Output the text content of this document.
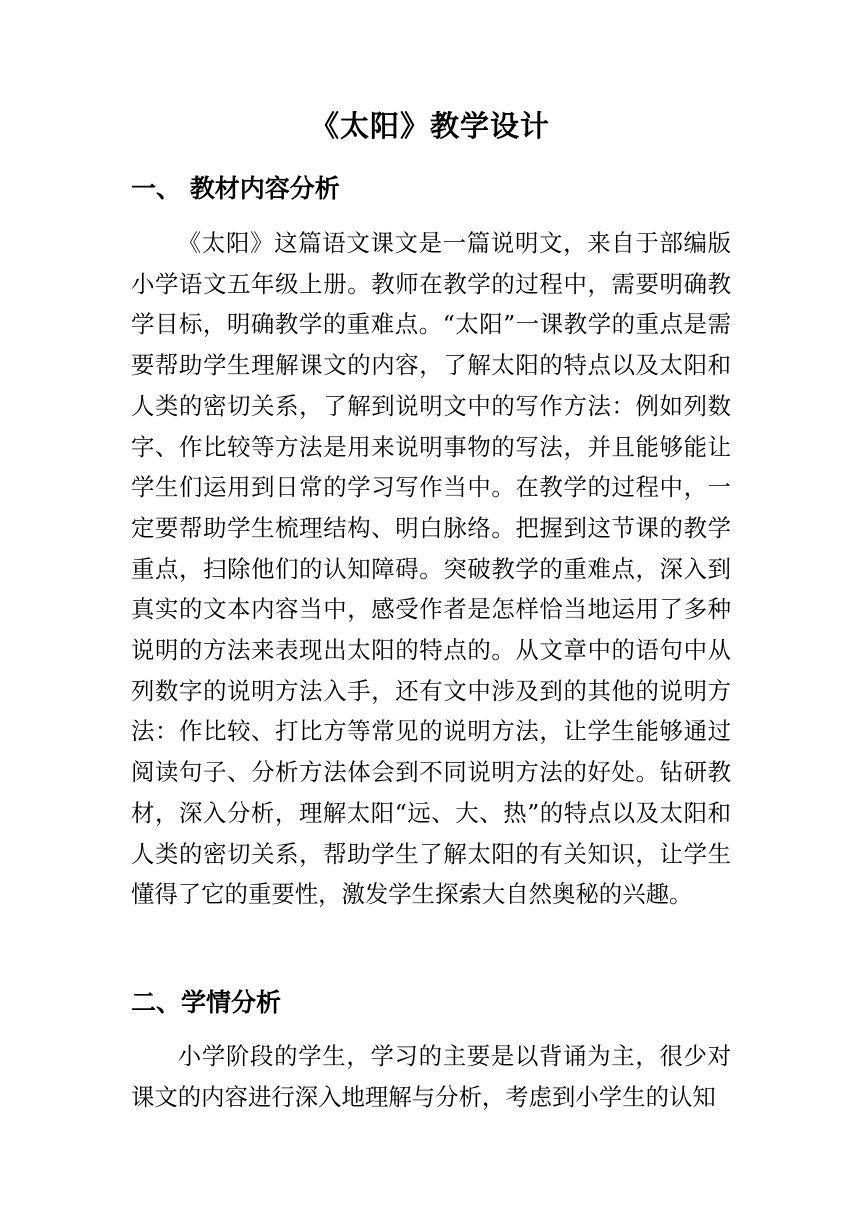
《太阳》教学设计
一、 教材内容分析

《太阳》这篇语文课文是一篇说明文，来自于部编版小学语文五年级上册。教师在教学的过程中，需要明确教学目标，明确教学的重难点。“太阳”一课教学的重点是需要帮助学生理解课文的内容，了解太阳的特点以及太阳和人类的密切关系，了解到说明文中的写作方法：例如列数字、作比较等方法是用来说明事物的写法，并且能够能让学生们运用到日常的学习写作当中。在教学的过程中，一定要帮助学生梳理结构、明白脉络。把握到这节课的教学重点，扫除他们的认知障碍。突破教学的重难点，深入到真实的文本内容当中，感受作者是怎样恰当地运用了多种说明的方法来表现出太阳的特点的。从文章中的语句中从列数字的说明方法入手，还有文中涉及到的其他的说明方法：作比较、打比方等常见的说明方法，让学生能够通过阅读句子、分析方法体会到不同说明方法的好处。钻研教材，深入分析，理解太阳“远、大、热”的特点以及太阳和人类的密切关系，帮助学生了解太阳的有关知识，让学生懂得了它的重要性，激发学生探索大自然奥秘的兴趣。

二、学情分析

小学阶段的学生，学习的主要是以背诵为主，很少对课文的内容进行深入地理解与分析，考虑到小学生的认知
